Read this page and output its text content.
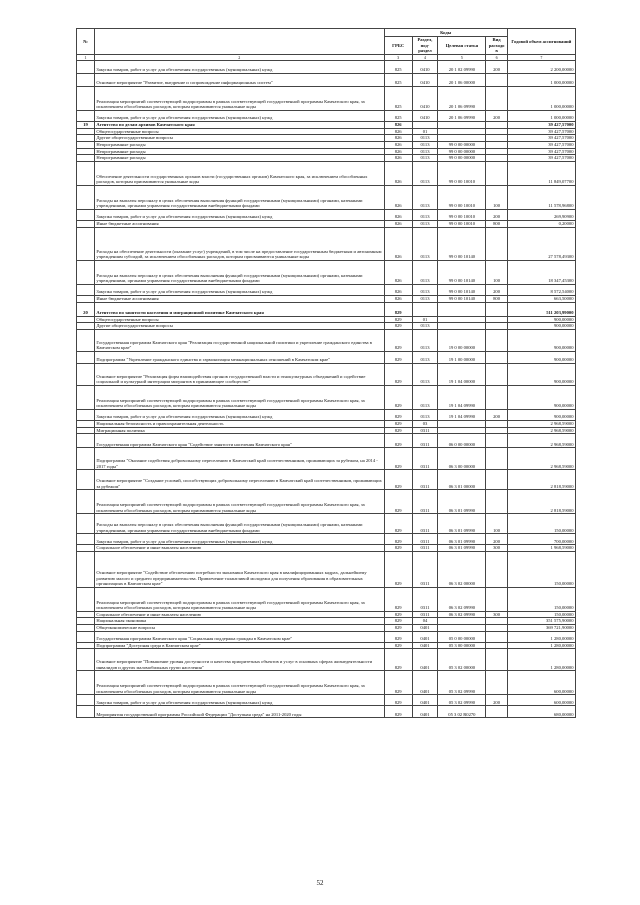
№		Коды				Годовой объем ассигнований
		ГРБС	Раздел, под-раздел	Целевая статья	Вид расходов	
1	2	3	4	5	6	7
	Закупка товаров, работ и услуг для обеспечения государственных (муниципальных) нужд	825	0410	20 1 02 09990	200	2 200,00000
	Основное мероприятие "Развитие, внедрение и сопровождение информационных систем"	825	0410	20 1 06 00000		1 000,00000
	Реализация мероприятий соответствующей подпрограммы в рамках соответствующей государственной программы Камчатского края, за исключением обособленных расходов, которым присваиваются уникальные коды	825	0410	20 1 06 09990		1 000,00000
	Закупка товаров, работ и услуг для обеспечения государственных (муниципальных) нужд	825	0410	20 1 06 09990	200	1 000,00000
19	Агентство по делам архивов Камчатского края	826				39 427,57000
	Общегосударственные вопросы	826	01			39 427,57000
	Другие общегосударственные вопросы	826	0113			39 427,57000
	Непрограммные расходы	826	0113	99 0 00 00000		39 427,57000
	Непрограммные расходы	826	0113	99 0 00 00000		39 427,57000
	Непрограммные расходы	826	0113	99 0 00 00000		39 427,57000
	Обеспечение деятельности государственных органов власти (государственных органов) Камчатского края, за исключением обособленных расходов, которым присваиваются уникальные коды	826	0113	99 0 00 10010		11 849,07700
	Расходы на выплаты персоналу в целях обеспечения выполнения функций государственными (муниципальными) органами, казенными учреждениями, органами управления государственными внебюджетными фондами	826	0113	99 0 00 10010	100	11 578,96800
	Закупка товаров, работ и услуг для обеспечения государственных (муниципальных) нужд	826	0113	99 0 00 10010	200	269,90900
	Иные бюджетные ассигнования	826	0113	99 0 00 10010	800	0,20000
	Расходы на обеспечение деятельности (оказание услуг) учреждений, в том числе на предоставление государственным бюджетным и автономным учреждениям субсидий, за исключением обособленных расходов, которым присваиваются уникальные коды	826	0113	99 0 00 10140		27 578,49300
	Расходы на выплаты персоналу в целях обеспечения выполнения функций государственными (муниципальными) органами, казенными учреждениями, органами управления государственными внебюджетными фондами	826	0113	99 0 00 10140	100	18 347,45300
	Закупка товаров, работ и услуг для обеспечения государственных (муниципальных) нужд	826	0113	99 0 00 10140	200	8 572,54000
	Иные бюджетные ассигнования	826	0113	99 0 00 10140	800	663,50000
20	Агентство по занятости населения и миграционной политике Камчатского края	829				511 203,99000
	Общегосударственные вопросы	829	01			900,00000
	Другие общегосударственные вопросы	829	0113			900,00000
	Государственная программа Камчатского края "Реализация государственной национальной политики и укрепление гражданского единства в Камчатском крае"	829	0113	19 0 00 00000		900,00000
	Подпрограмма "Укрепление гражданского единства и гармонизация межнациональных отношений в Камчатском крае"	829	0113	19 1 00 00000		900,00000
	Основное мероприятие "Реализация форм взаимодействия органов государственной власти и этнокультурных объединений и содействие социальной и культурной интеграции мигрантов в принимающее сообщество"	829	0113	19 1 04 00000		900,00000
	Реализация мероприятий соответствующей подпрограммы в рамках соответствующей государственной программы Камчатского края, за исключением обособленных расходов, которым присваиваются уникальные коды	829	0113	19 1 04 09990		900,00000
	Закупка товаров, работ и услуг для обеспечения государственных (муниципальных) нужд	829	0113	19 1 04 09990	200	900,00000
	Национальная безопасность и правоохранительная деятельность	829	03			2 968,59000
	Миграционная политика	829	0311			2 968,59000
	Государственная программа Камчатского края "Содействие занятости населения Камчатского края"	829	0311	06 0 00 00000		2 968,59000
	Подпрограмма "Оказание содействия добровольному переселению в Камчатский край соотечественников, проживающих за рубежом, на 2014 - 2017 годы"	829	0311	06 3 00 00000		2 968,59000
	Основное мероприятие "Создание условий, способствующих добровольному переселению в Камчатский край соотечественников, проживающих за рубежом"	829	0311	06 3 01 00000		2 818,59000
	Реализация мероприятий соответствующей подпрограммы в рамках соответствующей государственной программы Камчатского края, за исключением обособленных расходов, которым присваиваются уникальные коды	829	0311	06 3 01 09990		2 818,59000
	Расходы на выплаты персоналу в целях обеспечения выполнения функций государственными (муниципальными) органами, казенными учреждениями, органами управления государственными внебюджетными фондами	829	0311	06 3 01 09990	100	150,00000
	Закупка товаров, работ и услуг для обеспечения государственных (муниципальных) нужд	829	0311	06 3 01 09990	200	700,00000
	Социальное обеспечение и иные выплаты населению	829	0311	06 3 01 09990	300	1 968,59000
	Основное мероприятие "Содействие обеспечению потребности экономики Камчатского края в квалифицированных кадрах, дальнейшему развитию малого и среднего предпринимательства. Привлечение талантливой молодежи для получения образования в образовательных организациях в Камчатском крае"	829	0311	06 3 02 00000		150,00000
	Реализация мероприятий соответствующей подпрограммы в рамках соответствующей государственной программы Камчатского края, за исключением обособленных расходов, которым присваиваются уникальные коды	829	0311	06 3 02 09990		150,00000
	Социальное обеспечение и иные выплаты населению	829	0311	06 3 02 09990	300	150,00000
	Национальная экономика	829	04			351 575,90000
	Общеэкономические вопросы	829	0401			369 721,90000
	Государственная программа Камчатского края "Социальная поддержка граждан в Камчатском крае"	829	0401	05 0 00 00000		1 280,00000
	Подпрограмма "Доступная среда в Камчатском крае"	829	0401	05 3 00 00000		1 280,00000
	Основное мероприятие "Повышение уровня доступности и качества приоритетных объектов и услуг в основных сферах жизнедеятельности инвалидов и других маломобильных групп населения"	829	0401	05 3 02 00000		1 280,00000
	Реализация мероприятий соответствующей подпрограммы в рамках соответствующей государственной программы Камчатского края, за исключением обособленных расходов, которым присваиваются уникальные коды	829	0401	05 3 02 09990		600,00000
	Закупка товаров, работ и услуг для обеспечения государственных (муниципальных) нужд	829	0401	05 3 02 09990	200	600,00000
	Мероприятия государственной программы Российской Федерации "Доступная среда" на 2011-2020 годы	829	0401	05 3 02 R0270		680,00000
52
